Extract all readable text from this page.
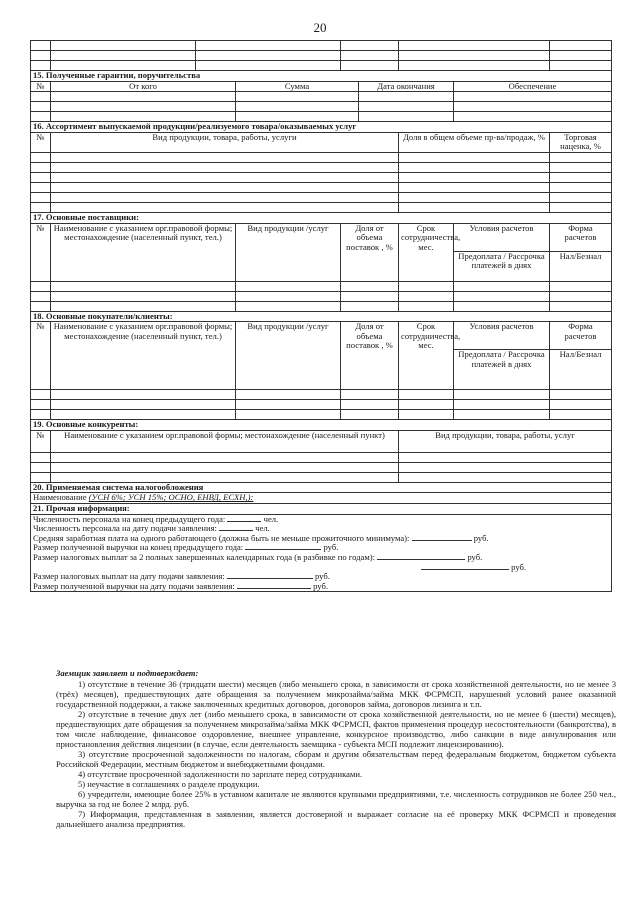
20

15. Полученные гарантии, поручительства								
№	От кого		Сумма		Дата окончания		Обеспечение	

16. Ассортимент выпускаемой продукции/реализуемого товара/оказываемых услуг								
№	Вид продукции, товара, работы, услуги					Доля в общем объеме пр-ва/продаж, %		Торговая наценка, %

17. Основные поставщики:								
№	Наименование с указанием орг.правовой формы; местонахождение (населенный пункт, тел.)		Вид продукции /услуг	Доля от объема поставок , %		Срок сотрудничества, мес.	Условия расчетов	Форма расчетов
							Предоплата / Рассрочка платежей в днях	Нал/Безнал

18. Основные покупатели/клиенты:								
№	Наименование с указанием орг.правовой формы; местонахождение (населенный пункт, тел.)		Вид продукции /услуг	Доля от объема поставок , %		Срок сотрудничества, мес.	Условия расчетов	Форма расчетов
							Предоплата / Рассрочка платежей в днях	Нал/Безнал

19. Основные конкуренты:								
№	Наименование с указанием орг.правовой формы; местонахождение (населенный пункт)					Вид продукции, товара, работы, услуг		

20. Применяемая система налогообложения								
Наименование (УСН 6%; УСН 15%; ОСНО, ЕНВД, ЕСХН,):								
21. Прочая информация:								
Численность персонала на конец предыдущего года: чел.								
Численность персонала на дату подачи заявления: чел.								
Средняя заработная плата на одного работающего (должна быть не меньше прожиточного минимума): руб.								
Размер полученной выручки на конец предыдущего года: руб.								
Размер налоговых выплат за 2 полных завершенных календарных года (в разбивке по годам): руб.
руб.								

Размер налоговых выплат на дату подачи заявления: руб.								
Размер полученной выручки на дату подачи заявления: руб.								
Заемщик заявляет и подтверждает:

1) отсутствие в течение 36 (тридцати шести) месяцев (либо меньшего срока, в зависимости от срока хозяйственной деятельности, но не менее 3 (трёх) месяцев), предшествующих дате обращения за получением микрозайма/займа МКК ФСРМСП, нарушений условий ранее оказанной государственной поддержки, а также заключенных кредитных договоров, договоров займа, договоров лизинга и т.п.

2) отсутствие в течение двух лет (либо меньшего срока, в зависимости от срока хозяйственной деятельности, но не менее 6 (шести) месяцев), предшествующих дате обращения за получением микрозайма/займа МКК ФСРМСП, фактов применения процедур несостоятельности (банкротства), в том числе наблюдение, финансовое оздоровление, внешнее управление, конкурсное производство, либо санкции в виде аннулирования или приостановления действия лицензии (в случае, если деятельность заемщика - субъекта МСП подлежит лицензированию).

3) отсутствие просроченной задолженности по налогам, сборам и другим обязательствам перед федеральным бюджетом, бюджетом субъекта Российской Федерации, местным бюджетом и внебюджетными фондами.

4) отсутствие просроченной задолженности по зарплате перед сотрудниками.

5) неучастие в соглашениях о разделе продукции.

6) учредители, имеющие более 25% в уставном капитале не являются крупными предприятиями, т.е. численность сотрудников не более 250 чел., выручка за год не более 2 млрд. руб.

7) Информация, представленная в заявлении, является достоверной и выражает согласие на её проверку МКК ФСРМСП и проведения дальнейшего анализа предприятия.
